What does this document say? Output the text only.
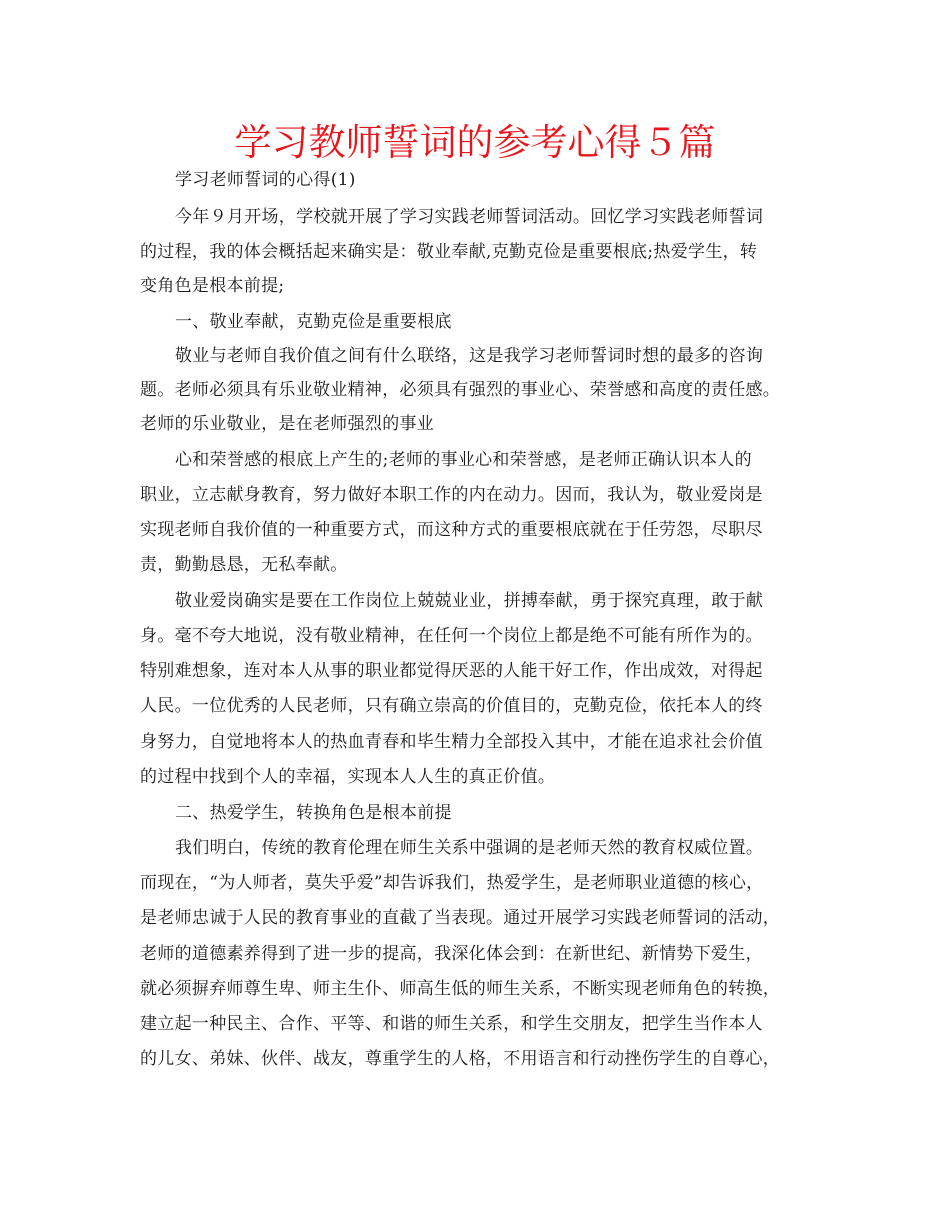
学习教师誓词的参考心得５篇
学习老师誓词的心得(1)
今年９月开场，学校就开展了学习实践老师誓词活动。回忆学习实践老师誓词
的过程，我的体会概括起来确实是：敬业奉献,克勤克俭是重要根底;热爱学生，转
变角色是根本前提;
一、敬业奉献，克勤克俭是重要根底
敬业与老师自我价值之间有什么联络，这是我学习老师誓词时想的最多的咨询
题。老师必须具有乐业敬业精神，必须具有强烈的事业心、荣誉感和高度的责任感。
老师的乐业敬业，是在老师强烈的事业
心和荣誉感的根底上产生的;老师的事业心和荣誉感，是老师正确认识本人的
职业，立志献身教育，努力做好本职工作的内在动力。因而，我认为，敬业爱岗是
实现老师自我价值的一种重要方式，而这种方式的重要根底就在于任劳怨，尽职尽
责，勤勤恳恳，无私奉献。
敬业爱岗确实是要在工作岗位上兢兢业业，拼搏奉献，勇于探究真理，敢于献
身。毫不夸大地说，没有敬业精神，在任何一个岗位上都是绝不可能有所作为的。
特别难想象，连对本人从事的职业都觉得厌恶的人能干好工作，作出成效，对得起
人民。一位优秀的人民老师，只有确立崇高的价值目的，克勤克俭，依托本人的终
身努力，自觉地将本人的热血青春和毕生精力全部投入其中，才能在追求社会价值
的过程中找到个人的幸福，实现本人人生的真正价值。
二、热爱学生，转换角色是根本前提
我们明白，传统的教育伦理在师生关系中强调的是老师天然的教育权威位置。
而现在，“为人师者，莫失乎爱”却告诉我们，热爱学生，是老师职业道德的核心，
是老师忠诚于人民的教育事业的直截了当表现。通过开展学习实践老师誓词的活动，
老师的道德素养得到了进一步的提高，我深化体会到：在新世纪、新情势下爱生，
就必须摒弃师尊生卑、师主生仆、师高生低的师生关系，不断实现老师角色的转换，
建立起一种民主、合作、平等、和谐的师生关系，和学生交朋友，把学生当作本人
的儿女、弟妹、伙伴、战友，尊重学生的人格，不用语言和行动挫伤学生的自尊心，
